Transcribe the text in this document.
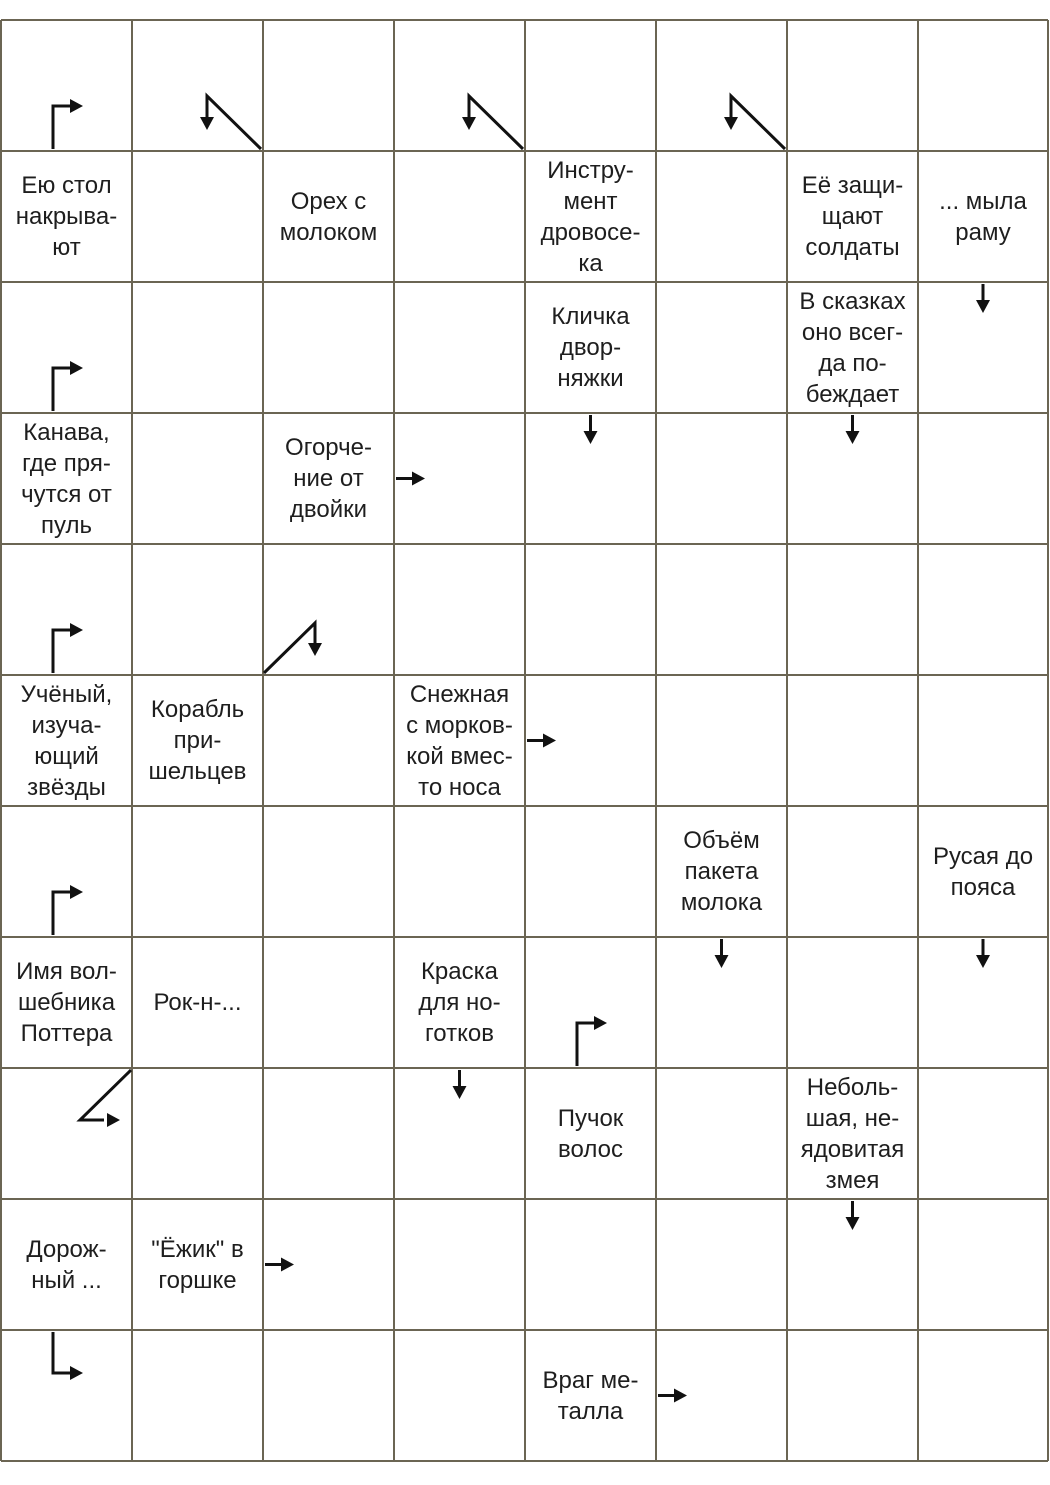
Ею стол
накрыва-
ют
Орех с
молоком
Инстру-
мент
дровосе-
ка
Её защи-
щают
солдаты
... мыла
раму
Кличка
двор-
няжки
В сказках
оно всег-
да по-
беждает
Канава,
где пря-
чутся от
пуль
Огорче-
ние от
двойки
Учёный,
изуча-
ющий
звёзды
Корабль
при-
шельцев
Снежная
с морков-
кой вмес-
то носа
Объём
пакета
молока
Русая до
пояса
Имя вол-
шебника
Поттера
Рок-н-...
Краска
для но-
готков
Пучок
волос
Неболь-
шая, не-
ядовитая
змея
Дорож-
ный ...
"Ёжик" в
горшке
Враг ме-
талла
